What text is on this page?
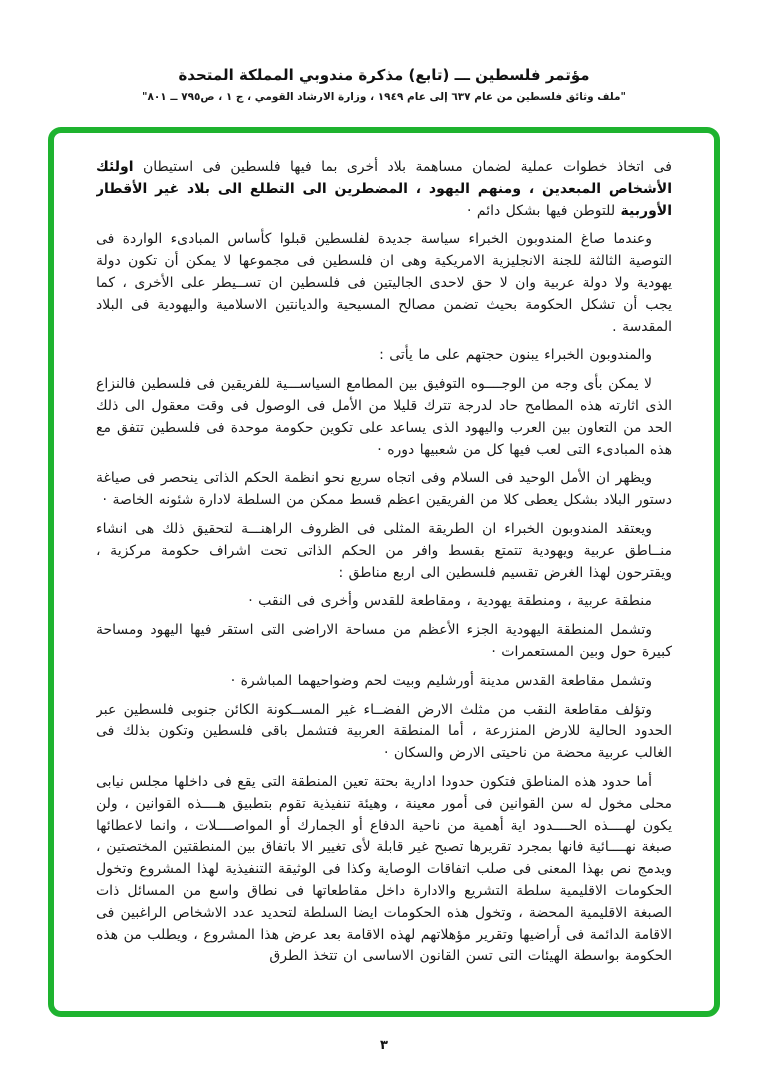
مؤتمر فلسطين ـــ (تابع) مذكرة مندوبي المملكة المتحدة
"ملف وثائق فلسطين من عام ٦٣٧ إلى عام ١٩٤٩ ، وزارة الارشاد القومي ، ج ١ ، ص٧٩٥ ــ ٨٠١"

فى اتخاذ خطوات عملية لضمان مساهمة بلاد أخرى بما فيها فلسطين فى استيطان اولئك الأشخاص المبعدين ، ومنهم اليهود ، المضطرين الى التطلع الى بلاد غير الأقطار الأوربية للتوطن فيها بشكل دائم ·

وعندما صاغ المندوبون الخبراء سياسة جديدة لفلسطين قبلوا كأساس المبادىء الواردة فى التوصية الثالثة للجنة الانجليزية الامريكية وهى ان فلسطين فى مجموعها لا يمكن أن تكون دولة يهودية ولا دولة عربية وان لا حق لاحدى الجاليتين فى فلسطين ان تســيطر على الأخرى ، كما يجب أن تشكل الحكومة بحيث تضمن مصالح المسيحية والديانتين الاسلامية واليهودية فى البلاد المقدسة .

والمندوبون الخبراء يبنون حجتهم على ما يأتى :

لا يمكن بأى وجه من الوجــــوه التوفيق بين المطامع السياســـية للفريقين فى فلسطين فالنزاع الذى اثارته هذه المطامح حاد لدرجة تترك قليلا من الأمل فى الوصول فى وقت معقول الى ذلك الحد من التعاون بين العرب واليهود الذى يساعد على تكوين حكومة موحدة فى فلسطين تتفق مع هذه المبادىء التى لعب فيها كل من شعبيها دوره ·

ويظهر ان الأمل الوحيد فى السلام وفى اتجاه سريع نحو انظمة الحكم الذاتى ينحصر فى صياغة دستور البلاد بشكل يعطى كلا من الفريقين اعظم قسط ممكن من السلطة لادارة شئونه الخاصة ·

ويعتقد المندوبون الخبراء ان الطريقة المثلى فى الظروف الراهنـــة لتحقيق ذلك هى انشاء منــاطق عربية ويهودية تتمتع بقسط وافر من الحكم الذاتى تحت اشراف حكومة مركزية ، ويقترحون لهذا الغرض تقسيم فلسطين الى اربع مناطق :

منطقة عربية ، ومنطقة يهودية ، ومقاطعة للقدس وأخرى فى النقب ·

وتشمل المنطقة اليهودية الجزء الأعظم من مساحة الاراضى التى استقر فيها اليهود ومساحة كبيرة حول وبين المستعمرات ·

وتشمل مقاطعة القدس مدينة أورشليم وبيت لحم وضواحيهما المباشرة ·

وتؤلف مقاطعة النقب من مثلث الارض الفضــاء غير المســكونة الكائن جنوبى فلسطين عبر الحدود الحالية للارض المنزرعة ، أما المنطقة العربية فتشمل باقى فلسطين وتكون بذلك فى الغالب عربية محضة من ناحيتى الارض والسكان ·

أما حدود هذه المناطق فتكون حدودا ادارية بحتة تعين المنطقة التى يقع فى داخلها مجلس نيابى محلى مخول له سن القوانين فى أمور معينة ، وهيئة تنفيذية تقوم بتطبيق هــــذه القوانين ، ولن يكون لهــــذه الحــــدود اية أهمية من ناحية الدفاع أو الجمارك أو المواصــــلات ، وانما لاعطائها صبغة نهــــائية فانها بمجرد تقريرها تصبح غير قابلة لأى تغيير الا باتفاق بين المنطقتين المختصتين ، ويدمج نص بهذا المعنى فى صلب اتفاقات الوصاية وكذا فى الوثيقة التنفيذية لهذا المشروع وتخول الحكومات الاقليمية سلطة التشريع والادارة داخل مقاطعاتها فى نطاق واسع من المسائل ذات الصبغة الاقليمية المحضة ، وتخول هذه الحكومات ايضا السلطة لتحديد عدد الاشخاص الراغبين فى الاقامة الدائمة فى أراضيها وتقرير مؤهلاتهم لهذه الاقامة بعد عرض هذا المشروع ، ويطلب من هذه الحكومة بواسطة الهيئات التى تسن القانون الاساسى ان تتخذ الطرق

٣
